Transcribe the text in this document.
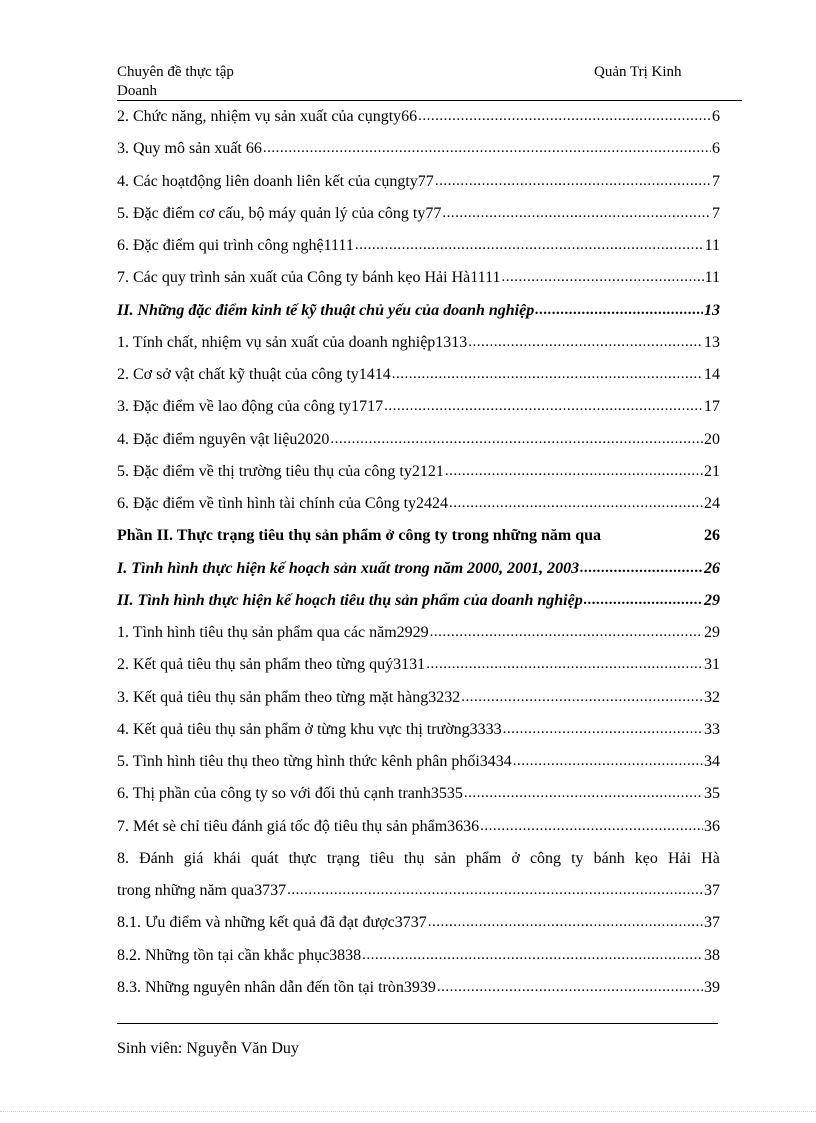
Chuyên đề thực tập
Doanh
Quản Trị Kinh
2. Chức năng, nhiệm vụ sản xuất của cụngty66 .....	6
3. Quy mô sản xuất 66 .....	6
4. Các hoạtđộng liên doanh liên kết của cụngty77 .....	7
5. Đặc điểm cơ cấu, bộ máy quản lý của công ty77 .....	7
6. Đặc điểm qui trình công nghệ1111 .....	11
7. Các quy trình sản xuất của Công ty bánh kẹo Hải Hà1111 .....	11
II. Những đặc điểm kinh tế kỹ thuật chủ yếu của doanh nghiệp .....	13
1. Tính chất, nhiệm vụ sản xuất của doanh nghiệp1313 .....	13
2. Cơ sở vật chất kỹ thuật của công ty1414 .....	14
3. Đặc điểm về lao động của công ty1717 .....	17
4. Đặc điểm nguyên vật liệu2020 .....	20
5. Đặc điểm về thị trường tiêu thụ của công ty2121 .....	21
6. Đặc điểm về tình hình tài chính của Công ty2424 .....	24
Phần II. Thực trạng tiêu thụ sản phẩm ở công ty trong những năm qua	26
I. Tình hình thực hiện kế hoạch sản xuất trong năm 2000, 2001, 2003 .....	26
II. Tình hình thực hiện kế hoạch tiêu thụ sản phẩm của doanh nghiệp .....	29
1. Tình hình tiêu thụ sản phẩm qua các năm2929 .....	29
2. Kết quả tiêu thụ sản phẩm theo từng quý3131 .....	31
3. Kết quả tiêu thụ sản phẩm theo từng mặt hàng3232 .....	32
4. Kết quả tiêu thụ sản phẩm ở từng khu vực thị trường3333 .....	33
5. Tình hình tiêu thụ theo từng hình thức kênh phân phối3434 .....	34
6. Thị phần của công ty so với đối thủ cạnh tranh3535 .....	35
7. Mét sè chỉ tiêu đánh giá tốc độ tiêu thụ sản phẩm3636 .....	36
8. Đánh giá khái quát thực trạng tiêu thụ sản phẩm ở công ty bánh kẹo Hải Hà
trong những năm qua3737 .....	37
8.1. Ưu điểm và những kết quả đã đạt được3737 .....	37
8.2. Những tồn tại cần khắc phục3838 .....	38
8.3. Những nguyên nhân dẫn đến tồn tại tròn3939 .....	39
Sinh viên: Nguyễn Văn Duy
